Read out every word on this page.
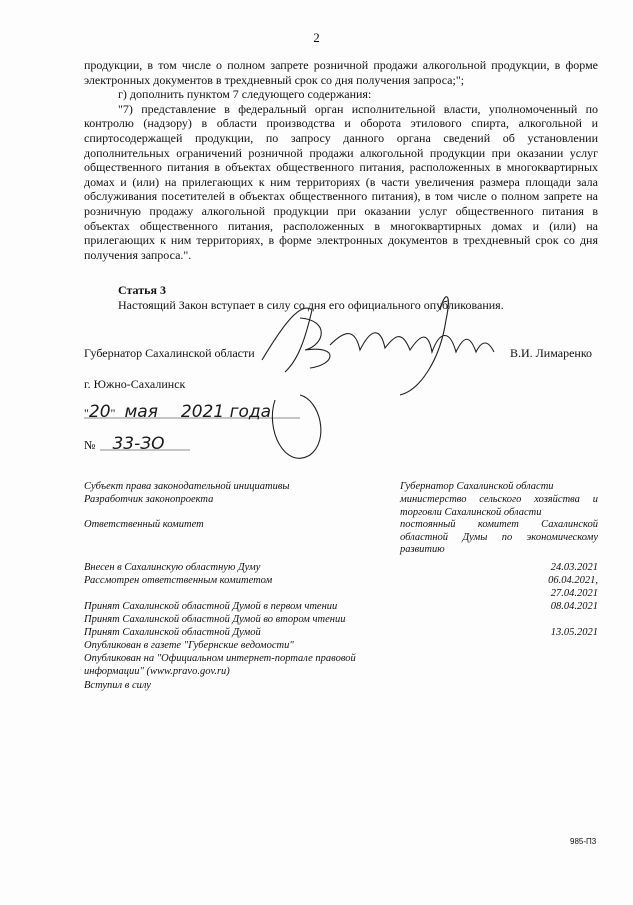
2

продукции, в том числе о полном запрете розничной продажи алкогольной продукции, в форме электронных документов в трехдневный срок со дня получения запроса;";

г) дополнить пунктом 7 следующего содержания:

"7) представление в федеральный орган исполнительной власти, уполномоченный по контролю (надзору) в области производства и оборота этилового спирта, алкогольной и спиртосодержащей продукции, по запросу данного органа сведений об установлении дополнительных ограничений розничной продажи алкогольной продукции при оказании услуг общественного питания в объектах общественного питания, расположенных в многоквартирных домах и (или) на прилегающих к ним территориях (в части увеличения размера площади зала обслуживания посетителей в объектах общественного питания), в том числе о полном запрете на розничную продажу алкогольной продукции при оказании услуг общественного питания в объектах общественного питания, расположенных в многоквартирных домах и (или) на прилегающих к ним территориях, в форме электронных документов в трехдневный срок со дня получения запроса.".

Статья 3
Настоящий Закон вступает в силу со дня его официального опубликования.
Губернатор Сахалинской области	В.И. Лимаренко
г. Южно-Сахалинск
"20" мая 2021 года
№ 33-ЗО
Субъект права законодательной инициативы	Губернатор Сахалинской области
Разработчик законопроекта	министерство сельского хозяйства и торговли Сахалинской области
Ответственный комитет	постоянный комитет Сахалинской областной Думы по экономическому развитию
Внесен в Сахалинскую областную Думу	24.03.2021
Рассмотрен ответственным комитетом	06.04.2021,
27.04.2021
Принят Сахалинской областной Думой в первом чтении	08.04.2021
Принят Сахалинской областной Думой во втором чтении
Принят Сахалинской областной Думой	13.05.2021
Опубликован в газете "Губернские ведомости"
Опубликован на "Официальном интернет-портале правовой информации" (www.pravo.gov.ru)
Вступил в силу
985-П3
